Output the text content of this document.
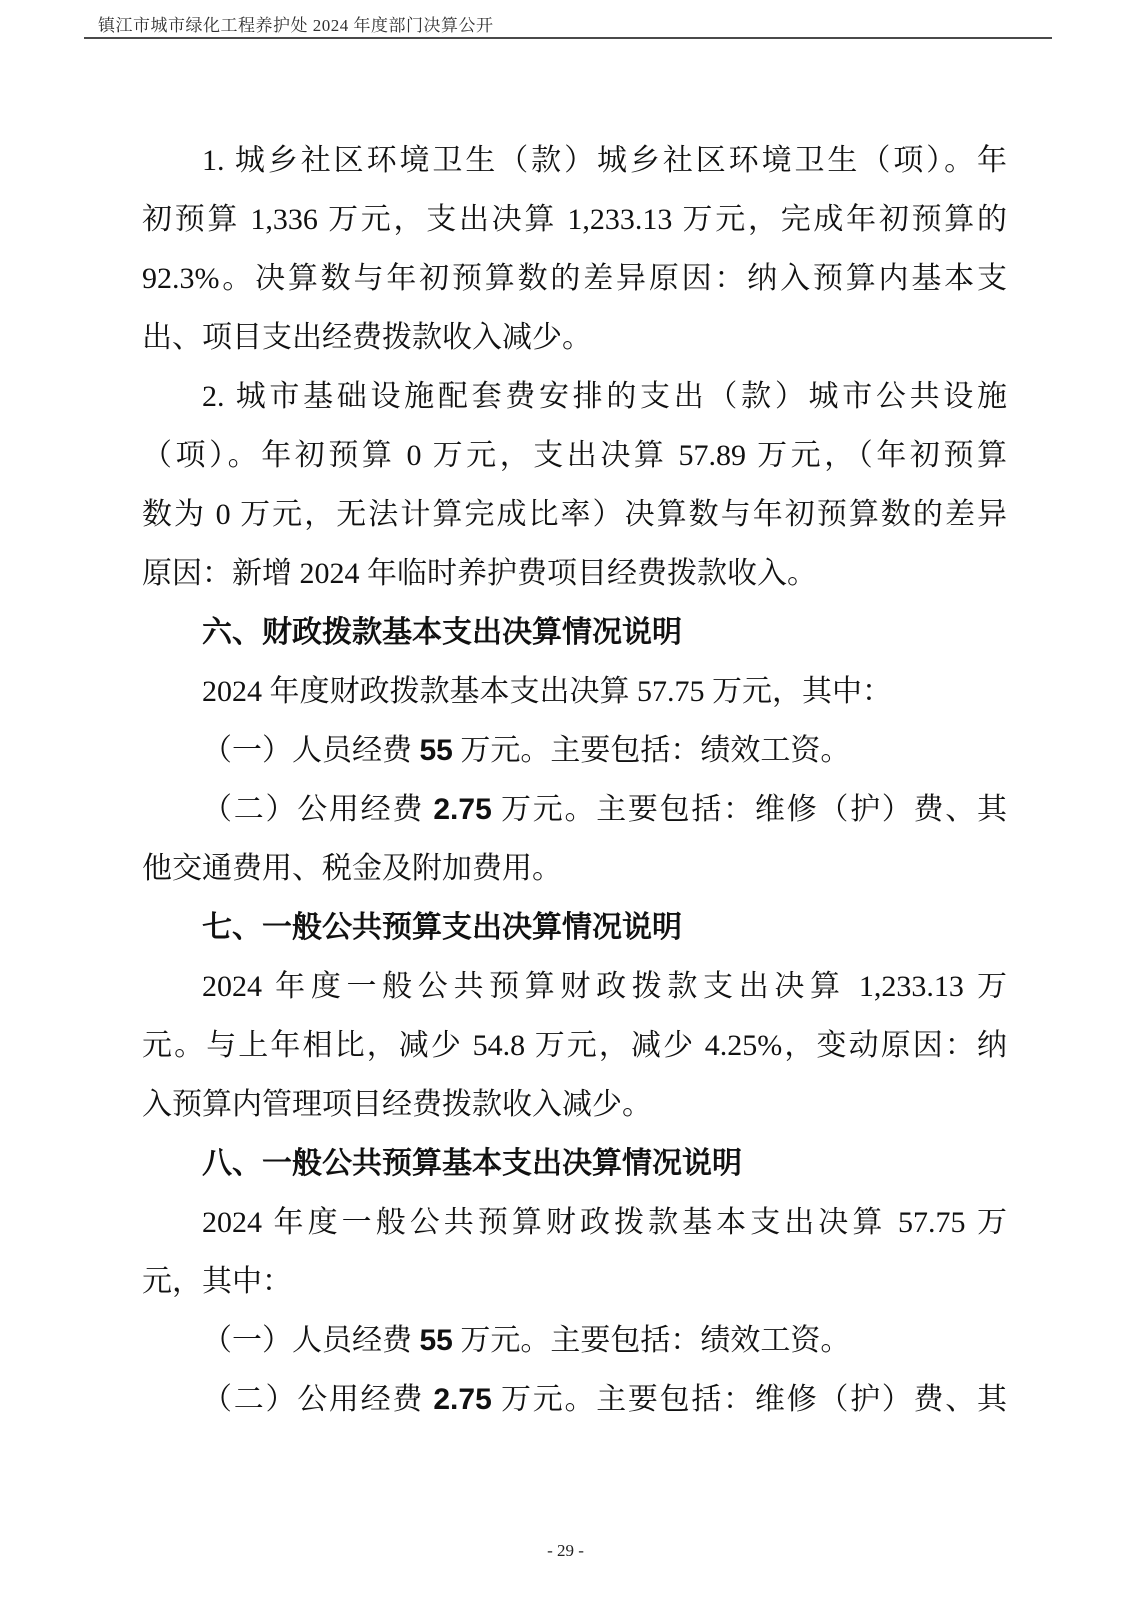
镇江市城市绿化工程养护处 2024 年度部门决算公开
1. 城乡社区环境卫生（款）城乡社区环境卫生（项）。年
初预算 1,336 万元，支出决算 1,233.13 万元，完成年初预算的
92.3%。决算数与年初预算数的差异原因：纳入预算内基本支
出、项目支出经费拨款收入减少。
2. 城市基础设施配套费安排的支出（款）城市公共设施
（项）。年初预算 0 万元，支出决算 57.89 万元，（年初预算
数为 0 万元，无法计算完成比率）决算数与年初预算数的差异
原因：新增 2024 年临时养护费项目经费拨款收入。
六、财政拨款基本支出决算情况说明
2024 年度财政拨款基本支出决算 57.75 万元，其中：
（一）人员经费 55 万元。主要包括：绩效工资。
（二）公用经费 2.75 万元。主要包括：维修（护）费、其
他交通费用、税金及附加费用。
七、一般公共预算支出决算情况说明
2024 年度一般公共预算财政拨款支出决算 1,233.13 万
元。与上年相比，减少 54.8 万元，减少 4.25%，变动原因：纳
入预算内管理项目经费拨款收入减少。
八、一般公共预算基本支出决算情况说明
2024 年度一般公共预算财政拨款基本支出决算 57.75 万
元，其中：
（一）人员经费 55 万元。主要包括：绩效工资。
（二）公用经费 2.75 万元。主要包括：维修（护）费、其
- 29 -
